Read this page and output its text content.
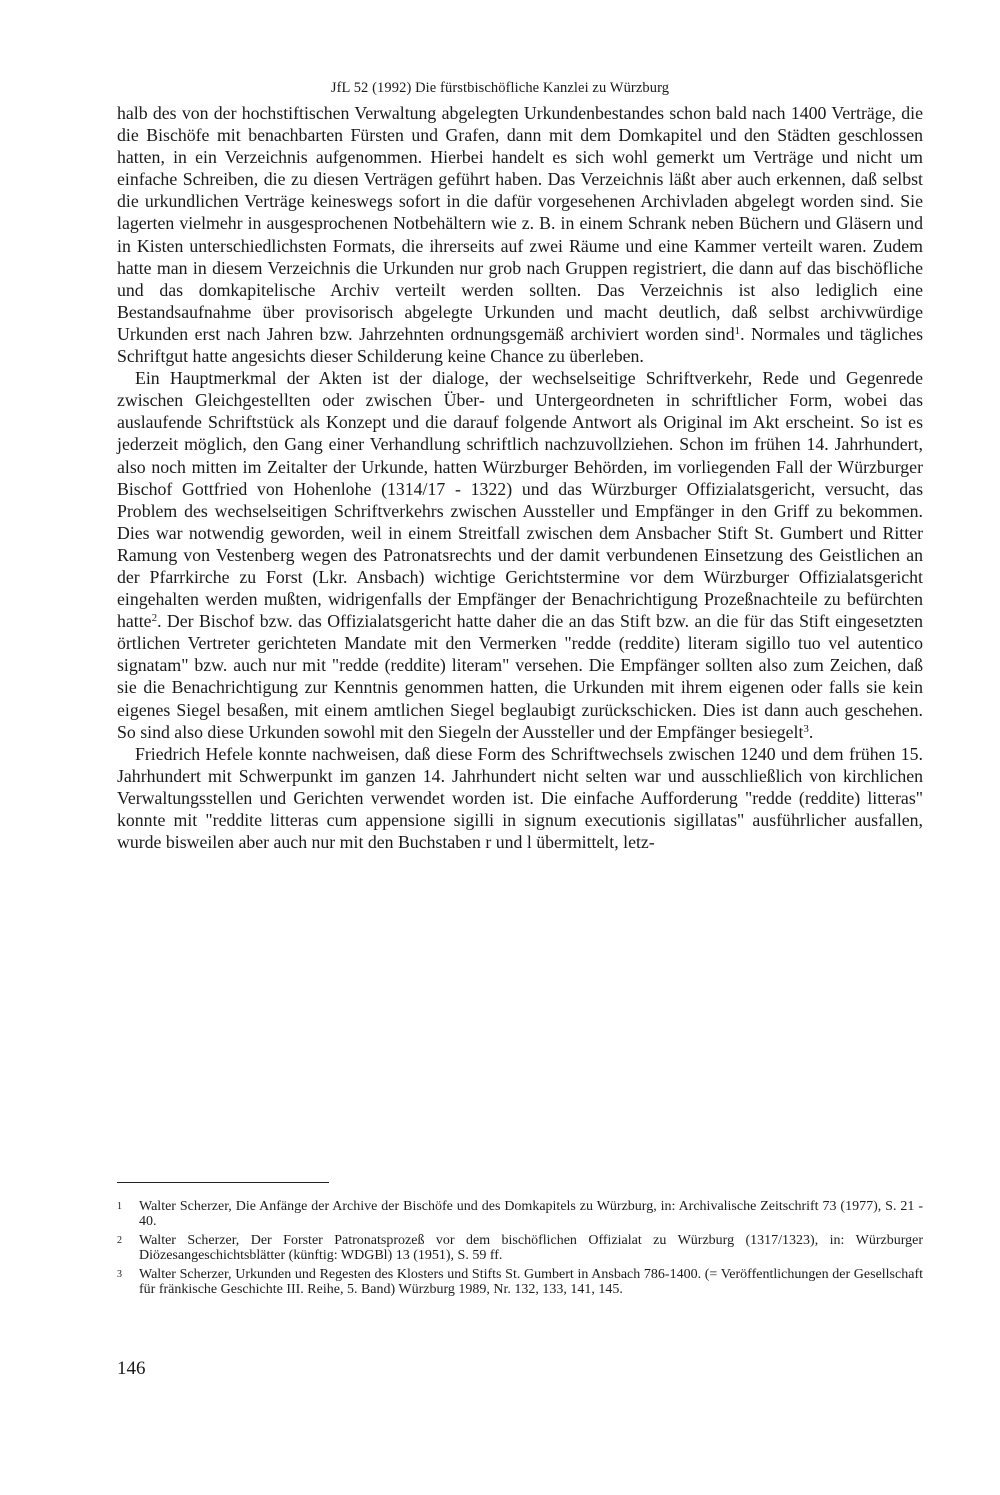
JfL 52 (1992) Die fürstbischöfliche Kanzlei zu Würzburg

halb des von der hochstiftischen Verwaltung abgelegten Urkundenbestandes schon bald nach 1400 Verträge, die die Bischöfe mit benachbarten Fürsten und Grafen, dann mit dem Domkapitel und den Städten geschlossen hatten, in ein Verzeichnis aufgenommen. Hierbei handelt es sich wohl gemerkt um Verträge und nicht um einfache Schreiben, die zu diesen Verträgen geführt haben. Das Verzeichnis läßt aber auch erkennen, daß selbst die urkundlichen Verträge keineswegs sofort in die dafür vorgesehenen Archivladen abgelegt worden sind. Sie lagerten vielmehr in ausgesprochenen Notbehältern wie z. B. in einem Schrank neben Büchern und Gläsern und in Kisten unterschiedlichsten Formats, die ihrerseits auf zwei Räume und eine Kammer verteilt waren. Zudem hatte man in diesem Verzeichnis die Urkunden nur grob nach Gruppen registriert, die dann auf das bischöfliche und das domkapitelische Archiv verteilt werden sollten. Das Verzeichnis ist also lediglich eine Bestandsaufnahme über provisorisch abgelegte Urkunden und macht deutlich, daß selbst archivwürdige Urkunden erst nach Jahren bzw. Jahrzehnten ordnungsgemäß archiviert worden sind$^1$. Normales und tägliches Schriftgut hatte angesichts dieser Schilderung keine Chance zu überleben.

Ein Hauptmerkmal der Akten ist der dialoge, der wechselseitige Schriftverkehr, Rede und Gegenrede zwischen Gleichgestellten oder zwischen Über- und Untergeordneten in schriftlicher Form, wobei das auslaufende Schriftstück als Konzept und die darauf folgende Antwort als Original im Akt erscheint. So ist es jederzeit möglich, den Gang einer Verhandlung schriftlich nachzuvollziehen. Schon im frühen 14. Jahrhundert, also noch mitten im Zeitalter der Urkunde, hatten Würzburger Behörden, im vorliegenden Fall der Würzburger Bischof Gottfried von Hohenlohe (1314/17 - 1322) und das Würzburger Offizialatsgericht, versucht, das Problem des wechselseitigen Schriftverkehrs zwischen Aussteller und Empfänger in den Griff zu bekommen. Dies war notwendig geworden, weil in einem Streitfall zwischen dem Ansbacher Stift St. Gumbert und Ritter Ramung von Vestenberg wegen des Patronatsrechts und der damit verbundenen Einsetzung des Geistlichen an der Pfarrkirche zu Forst (Lkr. Ansbach) wichtige Gerichtstermine vor dem Würzburger Offizialatsgericht eingehalten werden mußten, widrigenfalls der Empfänger der Benachrichtigung Prozeßnachteile zu befürchten hatte$^2$. Der Bischof bzw. das Offizialatsgericht hatte daher die an das Stift bzw. an die für das Stift eingesetzten örtlichen Vertreter gerichteten Mandate mit den Vermerken "redde (reddite) literam sigillo tuo vel autentico signatam" bzw. auch nur mit "redde (reddite) literam" versehen. Die Empfänger sollten also zum Zeichen, daß sie die Benachrichtigung zur Kenntnis genommen hatten, die Urkunden mit ihrem eigenen oder falls sie kein eigenes Siegel besaßen, mit einem amtlichen Siegel beglaubigt zurückschicken. Dies ist dann auch geschehen. So sind also diese Urkunden sowohl mit den Siegeln der Aussteller und der Empfänger besiegelt$^3$.

Friedrich Hefele konnte nachweisen, daß diese Form des Schriftwechsels zwischen 1240 und dem frühen 15. Jahrhundert mit Schwerpunkt im ganzen 14. Jahrhundert nicht selten war und ausschließlich von kirchlichen Verwaltungsstellen und Gerichten verwendet worden ist. Die einfache Aufforderung "redde (reddite) litteras" konnte mit "reddite litteras cum appensione sigilli in signum executionis sigillatas" ausführlicher ausfallen, wurde bisweilen aber auch nur mit den Buchstaben r und l übermittelt, letz-

1	Walter Scherzer, Die Anfänge der Archive der Bischöfe und des Domkapitels zu Würzburg, in: Archivalische Zeitschrift 73 (1977), S. 21 - 40.
2	Walter Scherzer, Der Forster Patronatsprozeß vor dem bischöflichen Offizialat zu Würzburg (1317/1323), in: Würzburger Diözesangeschichtsblätter (künftig: WDGBl) 13 (1951), S. 59 ff.
3	Walter Scherzer, Urkunden und Regesten des Klosters und Stifts St. Gumbert in Ansbach 786-1400. (= Veröffentlichungen der Gesellschaft für fränkische Geschichte III. Reihe, 5. Band) Würzburg 1989, Nr. 132, 133, 141, 145.
146
